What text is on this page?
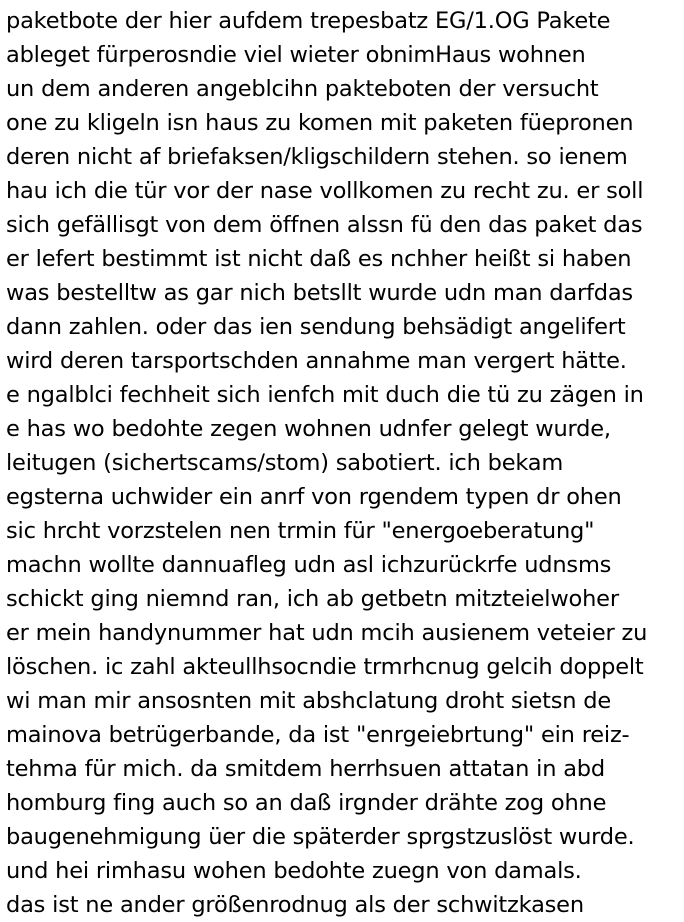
paketbote der hier aufdem trepesbatz EG/1.OG Pakete
ableget fürperosndie viel wieter obnimHaus wohnen
un dem anderen angeblcihn pakteboten der versucht
one zu kligeln isn haus zu komen mit paketen füepronen
deren nicht af briefaksen/kligschildern stehen. so ienem
hau ich die tür vor der nase vollkomen zu recht zu. er soll
sich gefällisgt von dem öffnen alssn fü den das paket das
er lefert bestimmt ist nicht daß es nchher heißt si haben
was bestelltw as gar nich betsllt wurde udn man darfdas
dann zahlen. oder das ien sendung behsädigt angelifert
wird deren tarsportschden annahme man vergert hätte.
e ngalblci fechheit sich ienfch mit duch die tü zu zägen in
e has wo bedohte zegen wohnen udnfer gelegt wurde,
leitugen (sichertscams/stom) sabotiert. ich bekam
egsterna uchwider ein anrf von rgendem typen dr ohen
sic hrcht vorzstelen nen trmin für "energoeberatung"
machn wollte dannuafleg udn asl ichzurückrfe udnsms
schickt ging niemnd ran, ich ab getbetn mitzteielwoher
er mein handynummer hat udn mcih ausienem veteier zu
löschen. ic zahl akteullhsocndie trmrhcnug gelcih doppelt
wi man mir ansosnten mit abshclatung droht sietsn de
mainova betrügerbande, da ist "enrgeiebrtung" ein reiz-
tehma für mich. da smitdem herrhsuen attatan in abd
homburg fing auch so an daß irgnder drähte zog ohne
baugenehmigung üer die späterder sprgstzuslöst wurde.
und hei rimhasu wohen bedohte zuegn von damals.
das ist ne ander größenrodnug als der schwitzkasen
